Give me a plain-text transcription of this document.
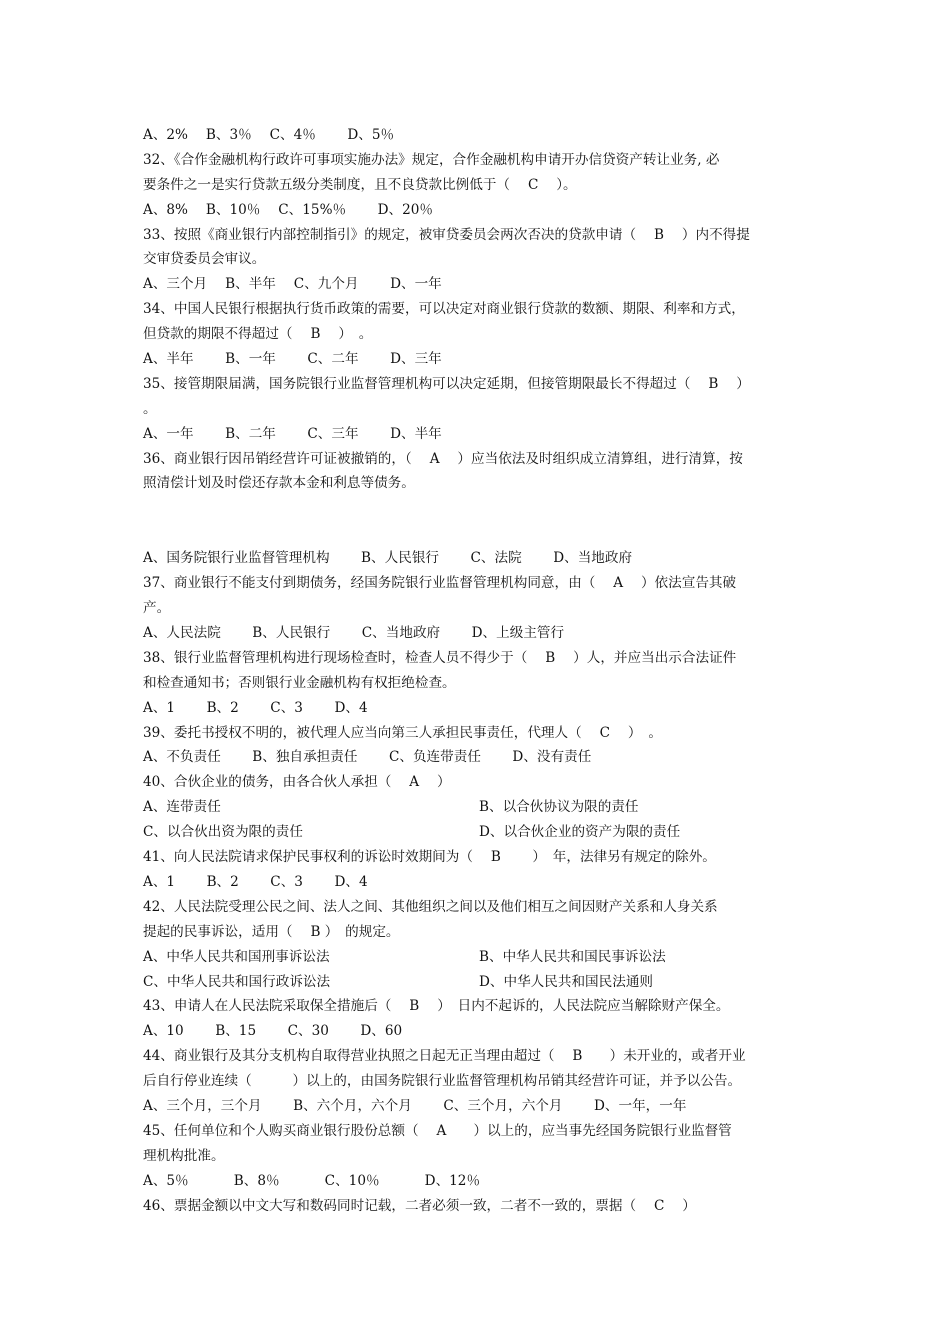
A、2%　 B、3％　 C、4％　　 D、5％
32、《合作金融机构行政许可事项实施办法》规定，合作金融机构申请开办信贷资产转让业务, 必
要条件之一是实行贷款五级分类制度，且不良贷款比例低于（　 C　 ）。
A、8%　 B、10％　 C、15%％　　 D、20％
33、按照《商业银行内部控制指引》的规定，被审贷委员会两次否决的贷款申请（　 B　 ）内不得提
交审贷委员会审议。
A、三个月　 B、半年　 C、九个月　　 D、一年
34、中国人民银行根据执行货币政策的需要，可以决定对商业银行贷款的数额、期限、利率和方式，
但贷款的期限不得超过（　 B　 ）　。
A、半年　　 B、一年　　 C、二年　　 D、三年
35、接管期限届满，国务院银行业监督管理机构可以决定延期，但接管期限最长不得超过（　 B　 ）
。
A、一年　　 B、二年　　 C、三年　　 D、半年
36、商业银行因吊销经营许可证被撤销的，（　 A　 ）应当依法及时组织成立清算组，进行清算，按
照清偿计划及时偿还存款本金和利息等债务。
A、国务院银行业监督管理机构　　 B、人民银行　　 C、法院　　 D、当地政府
37、商业银行不能支付到期债务，经国务院银行业监督管理机构同意，由（　 A　 ）依法宣告其破
产。
A、人民法院　　 B、人民银行　　 C、当地政府　　 D、上级主管行
38、银行业监督管理机构进行现场检查时，检查人员不得少于（　 B　 ）人，并应当出示合法证件
和检查通知书；否则银行业金融机构有权拒绝检查。
A、1　　 B、2　　 C、3　　 D、4
39、委托书授权不明的，被代理人应当向第三人承担民事责任，代理人（　 C　 ）　。
A、不负责任　　 B、独自承担责任　　 C、负连带责任　　 D、没有责任
40、合伙企业的债务，由各合伙人承担（　 A　 ）
A、连带责任	B、以合伙协议为限的责任
C、以合伙出资为限的责任	D、以合伙企业的资产为限的责任
41、向人民法院请求保护民事权利的诉讼时效期间为（　 B　　 ）　年，法律另有规定的除外。
A、1　　 B、2　　 C、3　　 D、4
42、人民法院受理公民之间、法人之间、其他组织之间以及他们相互之间因财产关系和人身关系
提起的民事诉讼，适用（　 B ）　的规定。
A、中华人民共和国刑事诉讼法	B、中华人民共和国民事诉讼法
C、中华人民共和国行政诉讼法	D、中华人民共和国民法通则
43、申请人在人民法院采取保全措施后（　 B　 ）　日内不起诉的，人民法院应当解除财产保全。
A、10　　 B、15　　 C、30　　 D、60
44、商业银行及其分支机构自取得营业执照之日起无正当理由超过（　 B　　）未开业的，或者开业
后自行停业连续（　　　）以上的，由国务院银行业监督管理机构吊销其经营许可证，并予以公告。
A、三个月，三个月　　 B、六个月，六个月　　 C、三个月，六个月　　 D、一年，一年
45、任何单位和个人购买商业银行股份总额（　 A　　）以上的，应当事先经国务院银行业监督管
理机构批准。
A、5％　　　 B、8％　　　 C、10％　　　 D、12％
46、票据金额以中文大写和数码同时记载，二者必须一致，二者不一致的，票据（　 C　 ）
